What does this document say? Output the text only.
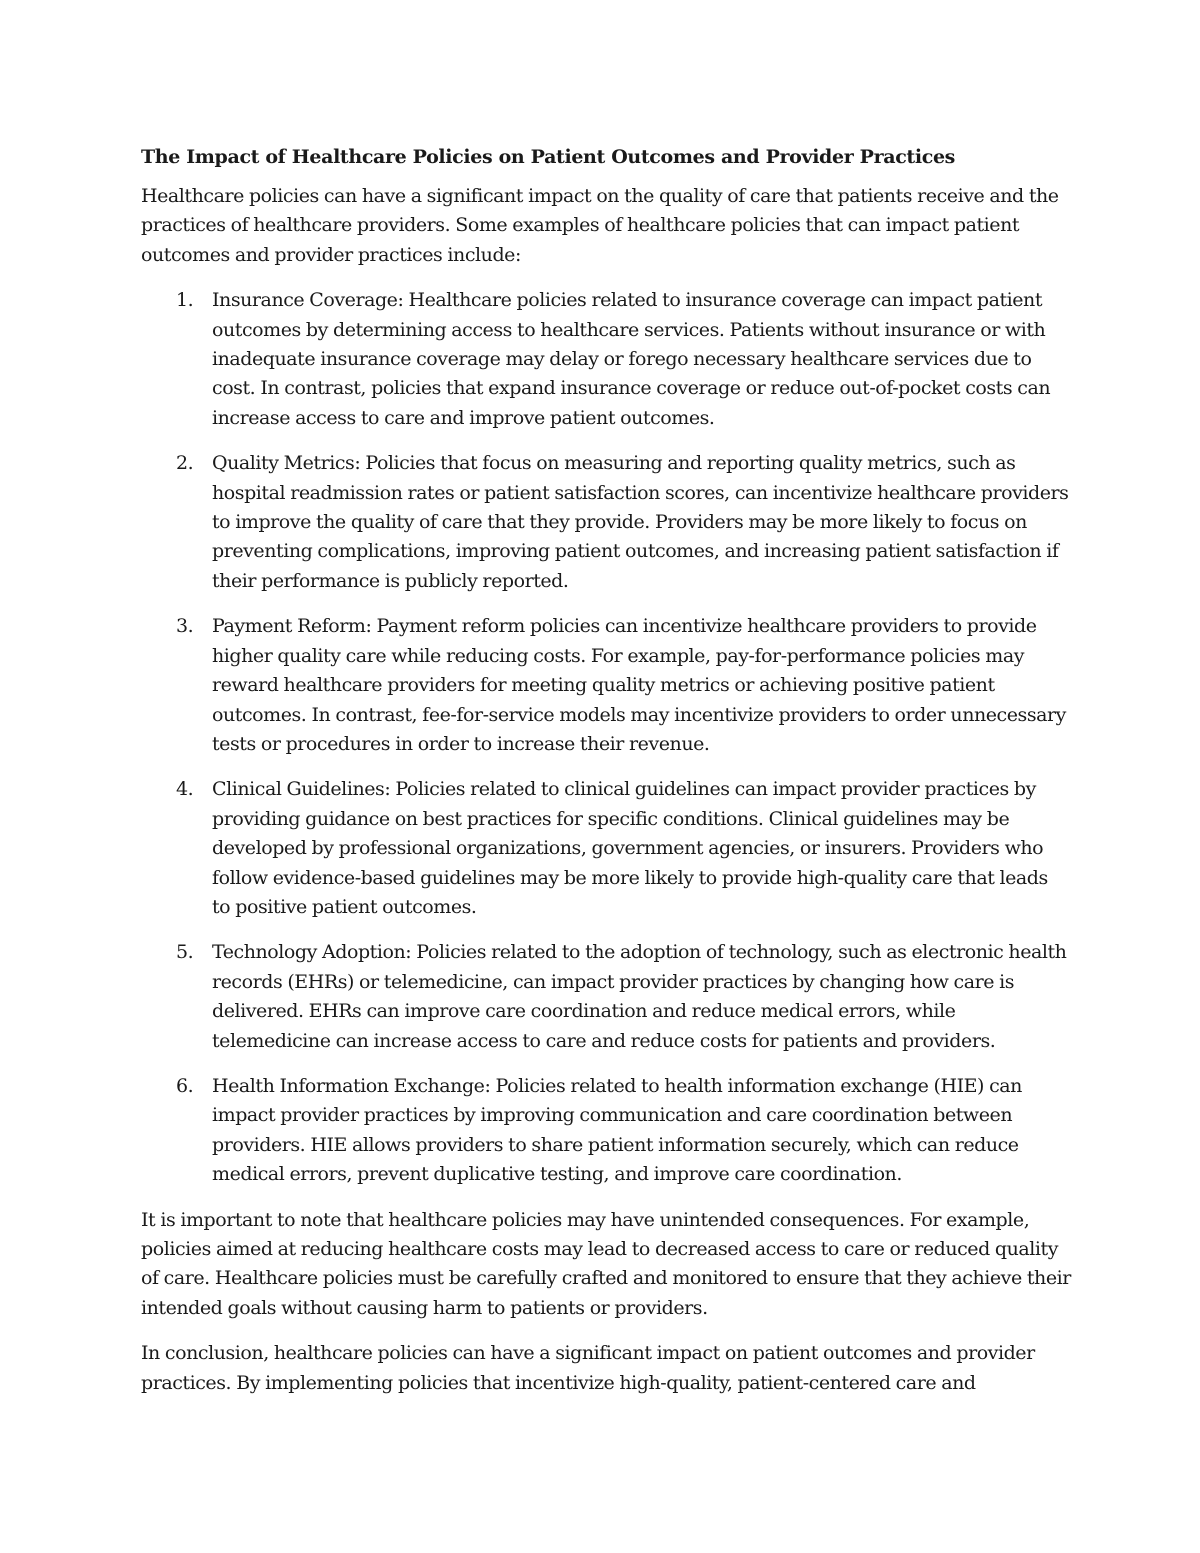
The Impact of Healthcare Policies on Patient Outcomes and Provider Practices

Healthcare policies can have a significant impact on the quality of care that patients receive and the practices of healthcare providers. Some examples of healthcare policies that can impact patient outcomes and provider practices include:

1. Insurance Coverage: Healthcare policies related to insurance coverage can impact patient outcomes by determining access to healthcare services. Patients without insurance or with inadequate insurance coverage may delay or forego necessary healthcare services due to cost. In contrast, policies that expand insurance coverage or reduce out-of-pocket costs can increase access to care and improve patient outcomes.
2. Quality Metrics: Policies that focus on measuring and reporting quality metrics, such as hospital readmission rates or patient satisfaction scores, can incentivize healthcare providers to improve the quality of care that they provide. Providers may be more likely to focus on preventing complications, improving patient outcomes, and increasing patient satisfaction if their performance is publicly reported.
3. Payment Reform: Payment reform policies can incentivize healthcare providers to provide higher quality care while reducing costs. For example, pay-for-performance policies may reward healthcare providers for meeting quality metrics or achieving positive patient outcomes. In contrast, fee-for-service models may incentivize providers to order unnecessary tests or procedures in order to increase their revenue.
4. Clinical Guidelines: Policies related to clinical guidelines can impact provider practices by providing guidance on best practices for specific conditions. Clinical guidelines may be developed by professional organizations, government agencies, or insurers. Providers who follow evidence-based guidelines may be more likely to provide high-quality care that leads to positive patient outcomes.
5. Technology Adoption: Policies related to the adoption of technology, such as electronic health records (EHRs) or telemedicine, can impact provider practices by changing how care is delivered. EHRs can improve care coordination and reduce medical errors, while telemedicine can increase access to care and reduce costs for patients and providers.
6. Health Information Exchange: Policies related to health information exchange (HIE) can impact provider practices by improving communication and care coordination between providers. HIE allows providers to share patient information securely, which can reduce medical errors, prevent duplicative testing, and improve care coordination.

It is important to note that healthcare policies may have unintended consequences. For example, policies aimed at reducing healthcare costs may lead to decreased access to care or reduced quality of care. Healthcare policies must be carefully crafted and monitored to ensure that they achieve their intended goals without causing harm to patients or providers.

In conclusion, healthcare policies can have a significant impact on patient outcomes and provider practices. By implementing policies that incentivize high-quality, patient-centered care and
